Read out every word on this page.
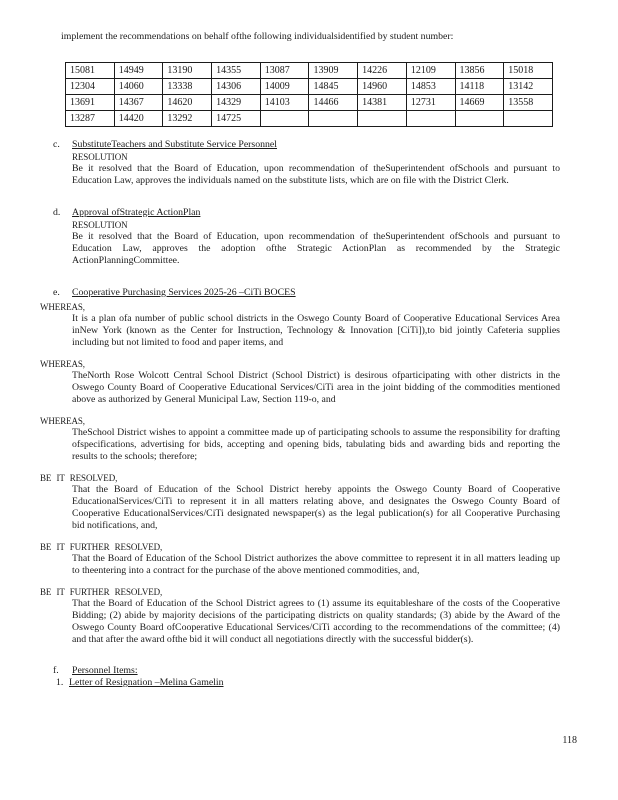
implement the recommendations on behalf ofthe following individualsidentified by student number:

15081	14949	13190	14355	13087	13909	14226	12109	13856	15018
12304	14060	13338	14306	14009	14845	14960	14853	14118	13142
13691	14367	14620	14329	14103	14466	14381	12731	14669	13558
13287	14420	13292	14725						
c.	SubstituteTeachers and Substitute Service Personnel
RESOLUTION

Be it resolved that the Board of Education, upon recommendation of theSuperintendent ofSchools and pursuant to Education Law, approves the individuals named on the substitute lists, which are on file with the District Clerk.

d.	Approval ofStrategic ActionPlan
RESOLUTION

Be it resolved that the Board of Education, upon recommendation of theSuperintendent ofSchools and pursuant to Education Law, approves the adoption ofthe Strategic ActionPlan as recommended by the Strategic ActionPlanningCommittee.

e.	Cooperative Purchasing Services 2025-26 –CiTi BOCES
WHEREAS,

It is a plan ofa number of public school districts in the Oswego County Board of Cooperative Educational Services Area inNew York (known as the Center for Instruction, Technology & Innovation [CiTi]),to bid jointly Cafeteria supplies including but not limited to food and paper items, and

WHEREAS,

TheNorth Rose Wolcott Central School District (School District) is desirous ofparticipating with other districts in the Oswego County Board of Cooperative Educational Services/CiTi area in the joint bidding of the commodities mentioned above as authorized by General Municipal Law, Section 119-o, and

WHEREAS,

TheSchool District wishes to appoint a committee made up of participating schools to assume the responsibility for drafting ofspecifications, advertising for bids, accepting and opening bids, tabulating bids and awarding bids and reporting the results to the schools; therefore;

BE IT RESOLVED,

That the Board of Education of the School District hereby appoints the Oswego County Board of Cooperative EducationalServices/CiTi to represent it in all matters relating above, and designates the Oswego County Board of Cooperative EducationalServices/CiTi designated newspaper(s) as the legal publication(s) for all Cooperative Purchasing bid notifications, and,

BE IT FURTHER RESOLVED,

That the Board of Education of the School District authorizes the above committee to represent it in all matters leading up to theentering into a contract for the purchase of the above mentioned commodities, and,

BE IT FURTHER RESOLVED,

That the Board of Education of the School District agrees to (1) assume its equitableshare of the costs of the Cooperative Bidding; (2) abide by majority decisions of the participating districts on quality standards; (3) abide by the Award of the Oswego County Board ofCooperative Educational Services/CiTi according to the recommendations of the committee; (4) and that after the award ofthe bid it will conduct all negotiations directly with the successful bidder(s).

f.	Personnel Items:
1. Letter of Resignation –Melina Gamelin
118
